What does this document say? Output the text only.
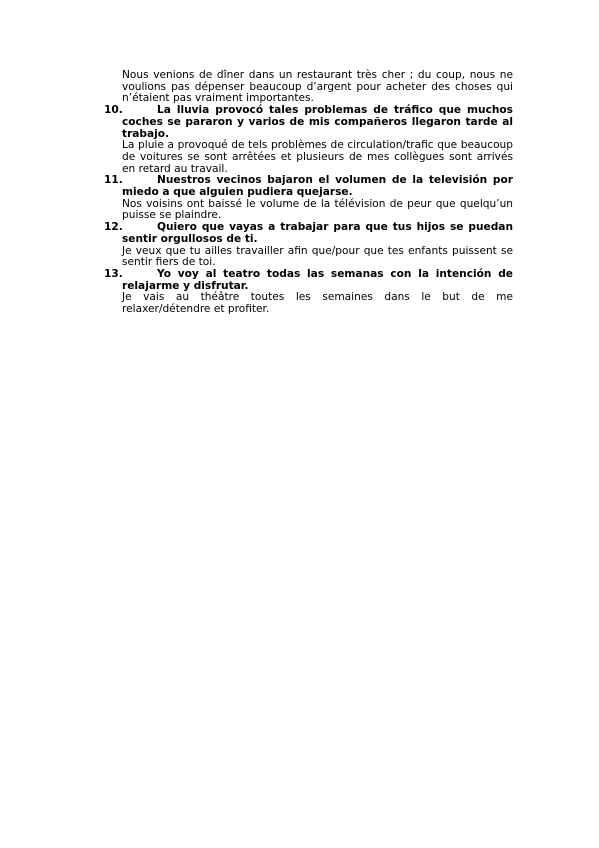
Nous venions de dîner dans un restaurant très cher ; du coup, nous ne voulions pas dépenser beaucoup d’argent pour acheter des choses qui n’étaient pas vraiment importantes.

10.	La lluvia provocó tales problemas de tráfico que muchos coches se pararon y varios de mis compañeros llegaron tarde al trabajo.

La pluie a provoqué de tels problèmes de circulation/trafic que beaucoup de voitures se sont arrêtées et plusieurs de mes collègues sont arrivés en retard au travail.

11.	Nuestros vecinos bajaron el volumen de la televisión por miedo a que alguien pudiera quejarse.

Nos voisins ont baissé le volume de la télévision de peur que quelqu’un puisse se plaindre.

12.	Quiero que vayas a trabajar para que tus hijos se puedan sentir orgullosos de ti.

Je veux que tu ailles travailler afin que/pour que tes enfants puissent se sentir fiers de toi.

13.	Yo voy al teatro todas las semanas con la intención de relajarme y disfrutar.

Je vais au théâtre toutes les semaines dans le but de me relaxer/détendre et profiter.
